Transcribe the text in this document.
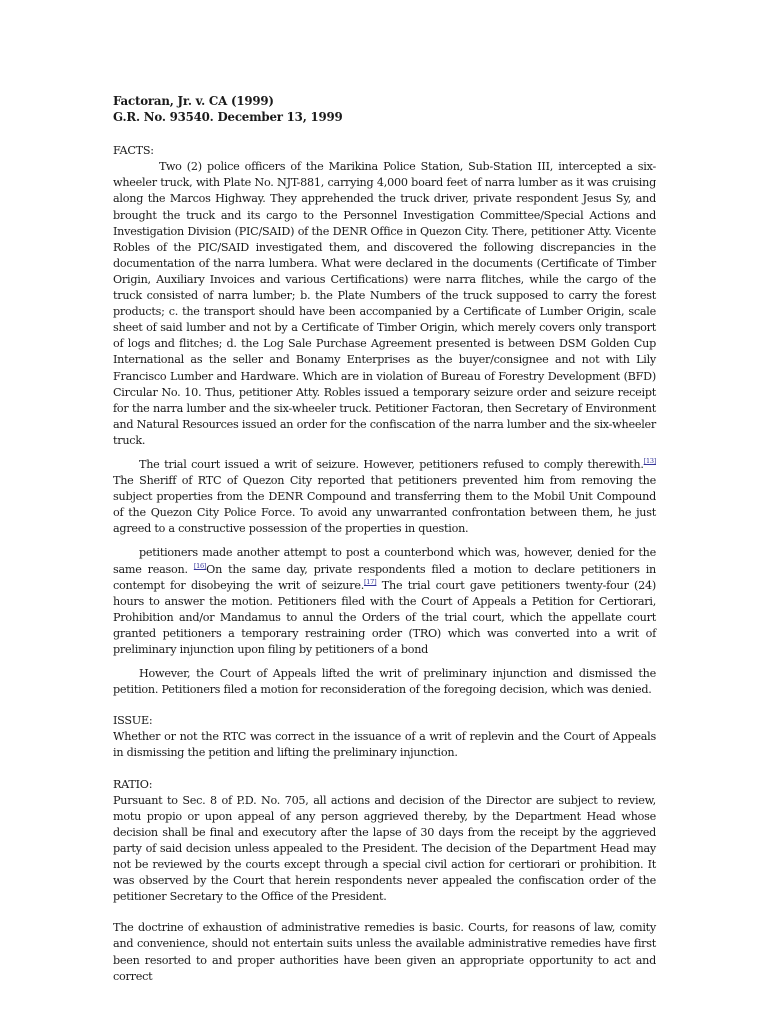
Factoran, Jr. v. CA (1999)
G.R. No. 93540. December 13, 1999
FACTS:

Two (2) police officers of the Marikina Police Station, Sub-Station III, intercepted a six-wheeler truck, with Plate No. NJT-881, carrying 4,000 board feet of narra lumber as it was cruising along the Marcos Highway. They apprehended the truck driver, private respondent Jesus Sy, and brought the truck and its cargo to the Personnel Investigation Committee/Special Actions and Investigation Division (PIC/SAID) of the DENR Office in Quezon City. There, petitioner Atty. Vicente Robles of the PIC/SAID investigated them, and discovered the following discrepancies in the documentation of the narra lumbera. What were declared in the documents (Certificate of Timber Origin, Auxiliary Invoices and various Certifications) were narra flitches, while the cargo of the truck consisted of narra lumber; b. the Plate Numbers of the truck supposed to carry the forest products; c. the transport should have been accompanied by a Certificate of Lumber Origin, scale sheet of said lumber and not by a Certificate of Timber Origin, which merely covers only transport of logs and flitches; d. the Log Sale Purchase Agreement presented is between DSM Golden Cup International as the seller and Bonamy Enterprises as the buyer/consignee and not with Lily Francisco Lumber and Hardware. Which are in violation of Bureau of Forestry Development (BFD) Circular No. 10. Thus, petitioner Atty. Robles issued a temporary seizure order and seizure receipt for the narra lumber and the six-wheeler truck. Petitioner Factoran, then Secretary of Environment and Natural Resources issued an order for the confiscation of the narra lumber and the six-wheeler truck.

The trial court issued a writ of seizure. However, petitioners refused to comply therewith.[13] The Sheriff of RTC of Quezon City reported that petitioners prevented him from removing the subject properties from the DENR Compound and transferring them to the Mobil Unit Compound of the Quezon City Police Force. To avoid any unwarranted confrontation between them, he just agreed to a constructive possession of the properties in question.

petitioners made another attempt to post a counterbond which was, however, denied for the same reason. [16]On the same day, private respondents filed a motion to declare petitioners in contempt for disobeying the writ of seizure.[17] The trial court gave petitioners twenty-four (24) hours to answer the motion. Petitioners filed with the Court of Appeals a Petition for Certiorari, Prohibition and/or Mandamus to annul the Orders of the trial court, which the appellate court granted petitioners a temporary restraining order (TRO) which was converted into a writ of preliminary injunction upon filing by petitioners of a bond

However, the Court of Appeals lifted the writ of preliminary injunction and dismissed the petition. Petitioners filed a motion for reconsideration of the foregoing decision, which was denied.

ISSUE:

Whether or not the RTC was correct in the issuance of a writ of replevin and the Court of Appeals in dismissing the petition and lifting the preliminary injunction.

RATIO:

Pursuant to Sec. 8 of P.D. No. 705, all actions and decision of the Director are subject to review, motu propio or upon appeal of any person aggrieved thereby, by the Department Head whose decision shall be final and executory after the lapse of 30 days from the receipt by the aggrieved party of said decision unless appealed to the President. The decision of the Department Head may not be reviewed by the courts except through a special civil action for certiorari or prohibition. It was observed by the Court that herein respondents never appealed the confiscation order of the petitioner Secretary to the Office of the President.

The doctrine of exhaustion of administrative remedies is basic. Courts, for reasons of law, comity and convenience, should not entertain suits unless the available administrative remedies have first been resorted to and proper authorities have been given an appropriate opportunity to act and correct
